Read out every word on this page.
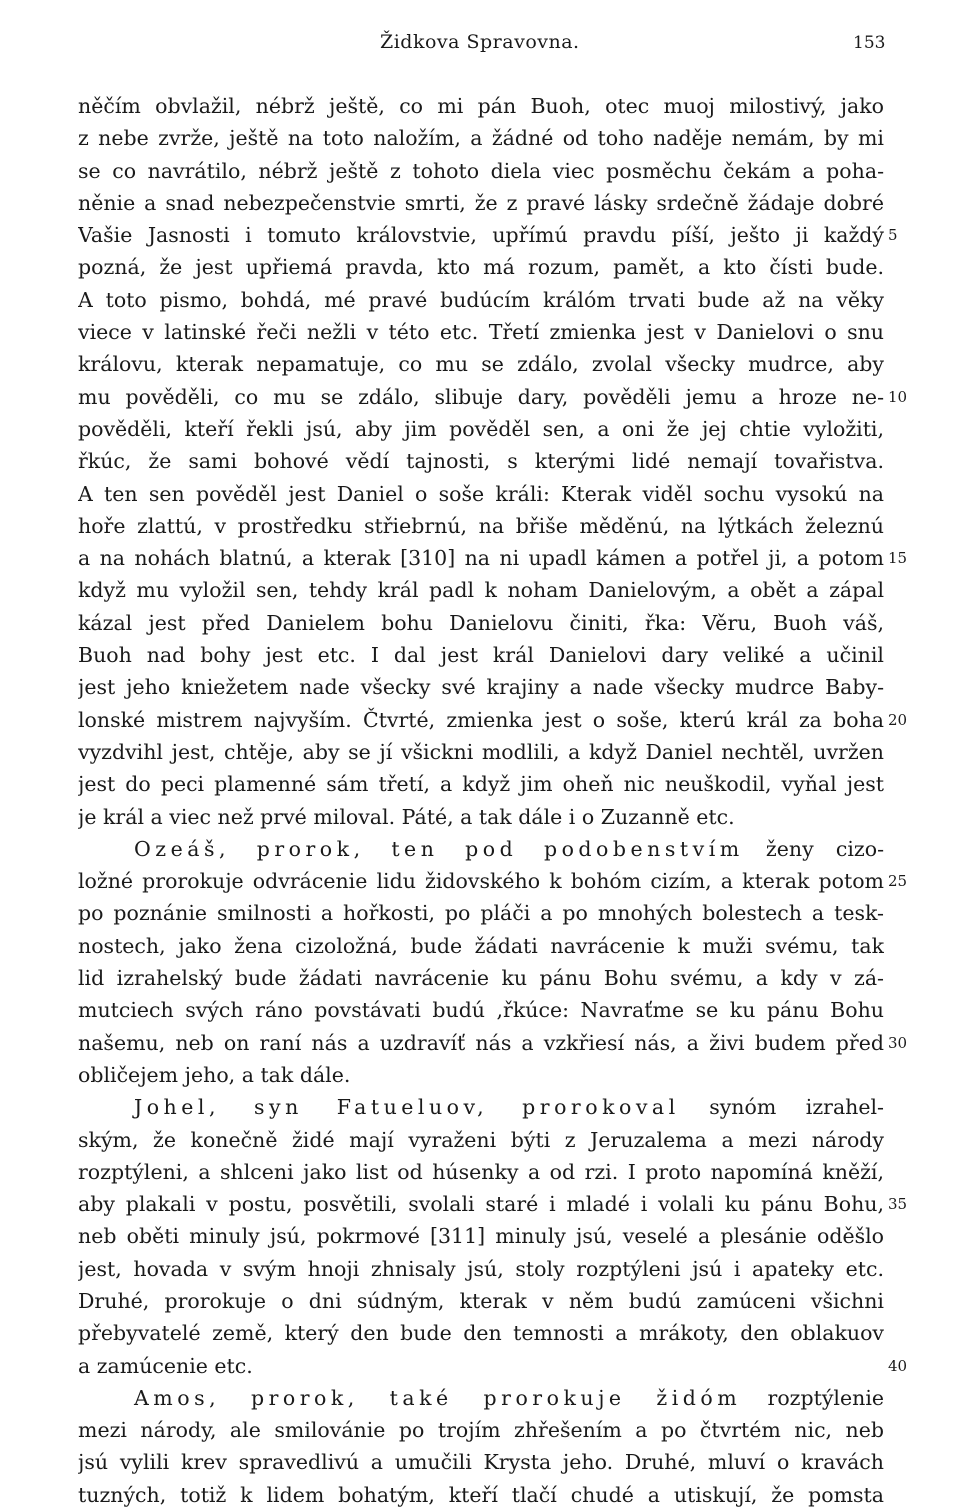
Židkova Spravovna.	153
něčím obvlažil, nébrž ještě, co mi pán Buoh, otec muoj milostivý, jako
z nebe zvrže, ještě na toto naložím, a žádné od toho naděje nemám, by mi
se co navrátilo, nébrž ještě z tohoto diela viec posměchu čekám a poha-
něnie a snad nebezpečenstvie smrti, že z pravé lásky srdečně žádaje dobré
Vašie Jasnosti i tomuto královstvie, upřímú pravdu píší, ješto ji každý
pozná, že jest upřiemá pravda, kto má rozum, pamět, a kto čísti bude.
A toto pismo, bohdá, mé pravé budúcím králóm trvati bude až na věky
viece v latinské řeči nežli v této etc. Třetí zmienka jest v Danielovi o snu
královu, kterak nepamatuje, co mu se zdálo, zvolal všecky mudrce, aby
mu pověděli, co mu se zdálo, slibuje dary, pověděli jemu a hroze ne-
pověděli, kteří řekli jsú, aby jim pověděl sen, a oni že jej chtie vyložiti,
řkúc, že sami bohové vědí tajnosti, s kterými lidé nemají tovařistva.
A ten sen pověděl jest Daniel o soše králi: Kterak viděl sochu vysokú na
hoře zlattú, v prostředku střiebrnú, na břiše měděnú, na lýtkách železnú
a na nohách blatnú, a kterak [310] na ni upadl kámen a potřel ji, a potom
když mu vyložil sen, tehdy král padl k noham Danielovým, a obět a zápal
kázal jest před Danielem bohu Danielovu činiti, řka: Věru, Buoh váš,
Buoh nad bohy jest etc. I dal jest král Danielovi dary veliké a učinil
jest jeho kniežetem nade všecky své krajiny a nade všecky mudrce Baby-
lonské mistrem najvyším. Čtvrté, zmienka jest o soše, kterú král za boha
vyzdvihl jest, chtěje, aby se jí všickni modlili, a když Daniel nechtěl, uvržen
jest do peci plamenné sám třetí, a když jim oheň nic neuškodil, vyňal jest
je král a viec než prvé miloval. Páté, a tak dále i o Zuzanně etc.
Ozeáš, prorok, ten pod podobenstvím ženy cizo-
ložné prorokuje odvrácenie lidu židovského k bohóm cizím, a kterak potom
po poznánie smilnosti a hořkosti, po pláči a po mnohých bolestech a tesk-
nostech, jako žena cizoložná, bude žádati navrácenie k muži svému, tak
lid izrahelský bude žádati navrácenie ku pánu Bohu svému, a kdy v zá-
mutciech svých ráno povstávati budú ,řkúce: Navraťme se ku pánu Bohu
našemu, neb on raní nás a uzdravíť nás a vzkřiesí nás, a živi budem před
obličejem jeho, a tak dále.
Johel, syn Fatueluov, prorokoval synóm izrahel-
ským, že konečně židé mají vyraženi býti z Jeruzalema a mezi národy
rozptýleni, a shlceni jako list od húsenky a od rzi. I proto napomíná kněží,
aby plakali v postu, posvětili, svolali staré i mladé i volali ku pánu Bohu,
neb oběti minuly jsú, pokrmové [311] minuly jsú, veselé a plesánie oděšlo
jest, hovada v svým hnoji zhnisaly jsú, stoly rozptýleni jsú i apateky etc.
Druhé, prorokuje o dni súdným, kterak v něm budú zamúceni všichni
přebyvatelé země, který den bude den temnosti a mrákoty, den oblakuov
a zamúcenie etc.
Amos, prorok, také prorokuje židóm rozptýlenie
mezi národy, ale smilovánie po trojím zhřešením a po čtvrtém nic, neb
jsú vylili krev spravedlivú a umučili Krysta jeho. Druhé, mluví o kravách
tuzných, totiž k lidem bohatým, kteří tlačí chudé a utiskují, že pomsta
5
10
15
20
25
30
35
40
